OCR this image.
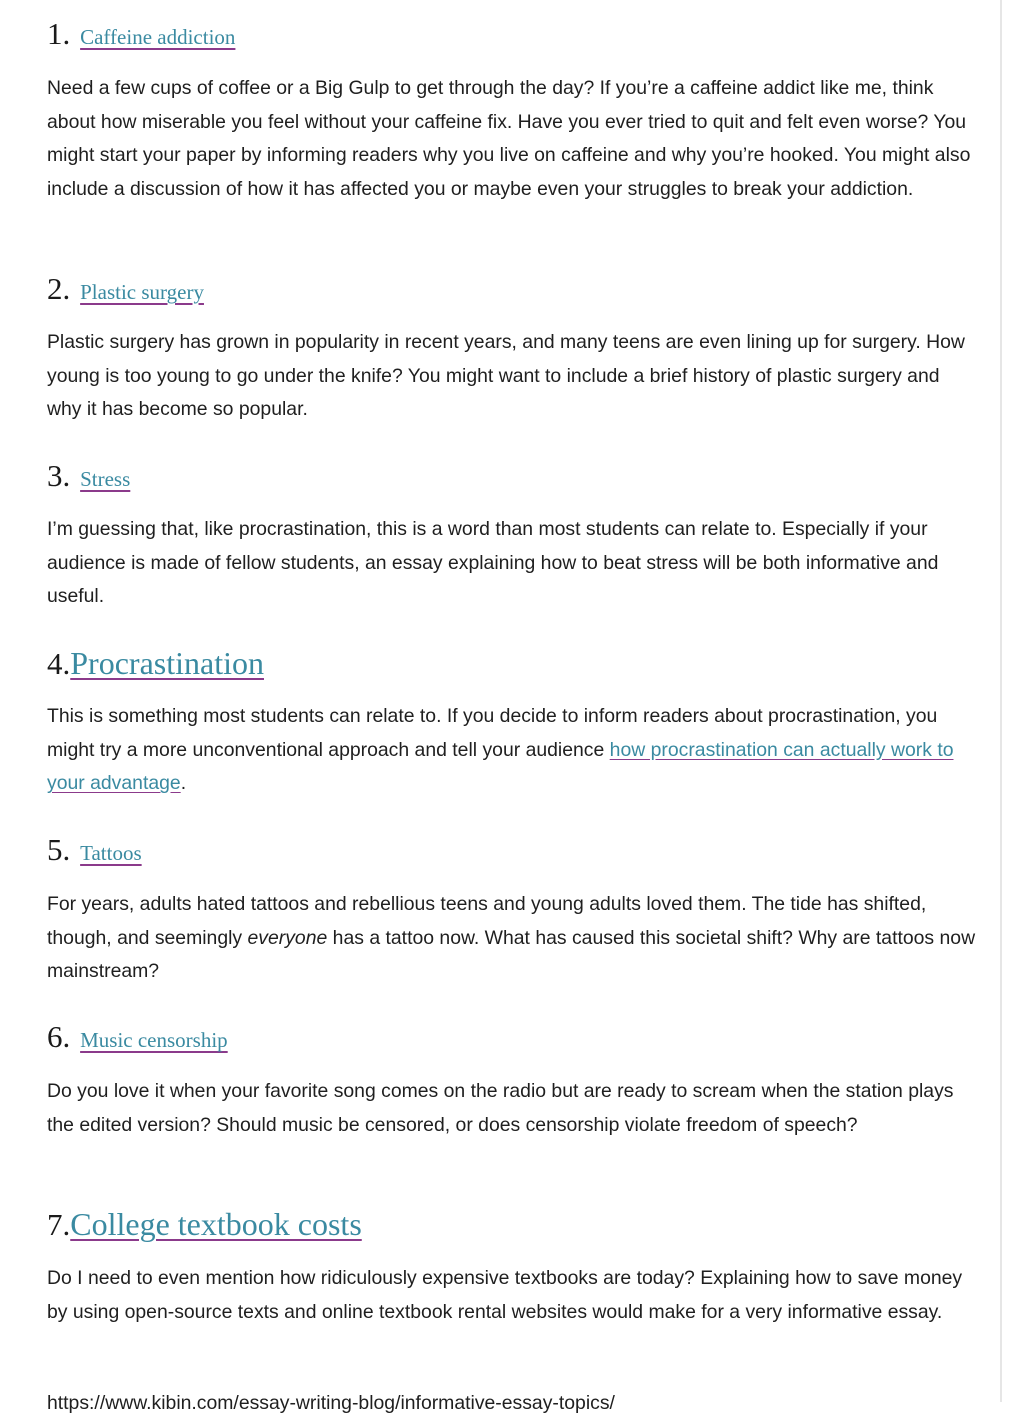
1. Caffeine addiction

Need a few cups of coffee or a Big Gulp to get through the day? If you’re a caffeine addict like me, think about how miserable you feel without your caffeine fix. Have you ever tried to quit and felt even worse? You might start your paper by informing readers why you live on caffeine and why you’re hooked. You might also include a discussion of how it has affected you or maybe even your struggles to break your addiction.

2. Plastic surgery

Plastic surgery has grown in popularity in recent years, and many teens are even lining up for surgery. How young is too young to go under the knife? You might want to include a brief history of plastic surgery and why it has become so popular.

3. Stress

I’m guessing that, like procrastination, this is a word than most students can relate to. Especially if your audience is made of fellow students, an essay explaining how to beat stress will be both informative and useful.

4.Procrastination

This is something most students can relate to. If you decide to inform readers about procrastination, you might try a more unconventional approach and tell your audience how procrastination can actually work to your advantage.

5. Tattoos

For years, adults hated tattoos and rebellious teens and young adults loved them. The tide has shifted, though, and seemingly everyone has a tattoo now. What has caused this societal shift? Why are tattoos now mainstream?

6. Music censorship

Do you love it when your favorite song comes on the radio but are ready to scream when the station plays the edited version? Should music be censored, or does censorship violate freedom of speech?

7.College textbook costs

Do I need to even mention how ridiculously expensive textbooks are today? Explaining how to save money by using open-source texts and online textbook rental websites would make for a very informative essay.

https://www.kibin.com/essay-writing-blog/informative-essay-topics/
